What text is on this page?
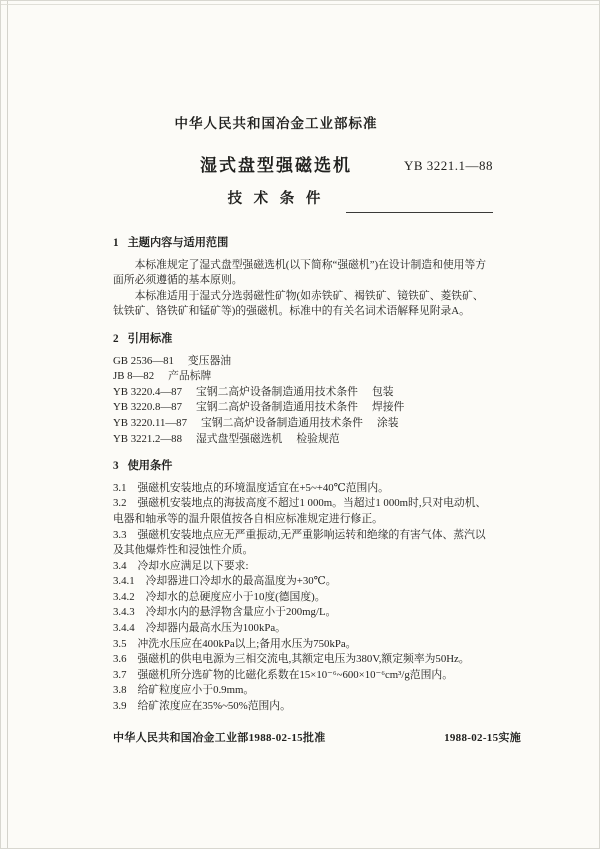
中华人民共和国冶金工业部标准
湿式盘型强磁选机
技 术 条 件
YB 3221.1—88
1 主题内容与适用范围

本标准规定了湿式盘型强磁选机(以下简称“强磁机”)在设计制造和使用等方面所必须遵循的基本原则。

本标准适用于湿式分选弱磁性矿物(如赤铁矿、褐铁矿、镜铁矿、菱铁矿、钛铁矿、铬铁矿和锰矿等)的强磁机。标准中的有关名词术语解释见附录A。

2 引用标准
GB 2536—81 变压器油
JB 8—82 产品标牌
YB 3220.4—87 宝钢二高炉设备制造通用技术条件 包装
YB 3220.8—87 宝钢二高炉设备制造通用技术条件 焊接件
YB 3220.11—87 宝钢二高炉设备制造通用技术条件 涂装
YB 3221.2—88 湿式盘型强磁选机 检验规范
3 使用条件
3.1 强磁机安装地点的环境温度适宜在+5~+40℃范围内。
3.2 强磁机安装地点的海拔高度不超过1 000m。当超过1 000m时,只对电动机、电器和轴承等的温升限值按各自相应标准规定进行修正。
3.3 强磁机安装地点应无严重振动,无严重影响运转和绝缘的有害气体、蒸汽以及其他爆炸性和浸蚀性介质。
3.4 冷却水应满足以下要求:
3.4.1 冷却器进口冷却水的最高温度为+30℃。
3.4.2 冷却水的总硬度应小于10度(德国度)。
3.4.3 冷却水内的悬浮物含量应小于200mg/L。
3.4.4 冷却器内最高水压为100kPa。
3.5 冲洗水压应在400kPa以上;备用水压为750kPa。
3.6 强磁机的供电电源为三相交流电,其额定电压为380V,额定频率为50Hz。
3.7 强磁机所分选矿物的比磁化系数在15×10⁻⁶~600×10⁻⁶cm³/g范围内。
3.8 给矿粒度应小于0.9mm。
3.9 给矿浓度应在35%~50%范围内。
中华人民共和国冶金工业部1988-02-15批准	1988-02-15实施
